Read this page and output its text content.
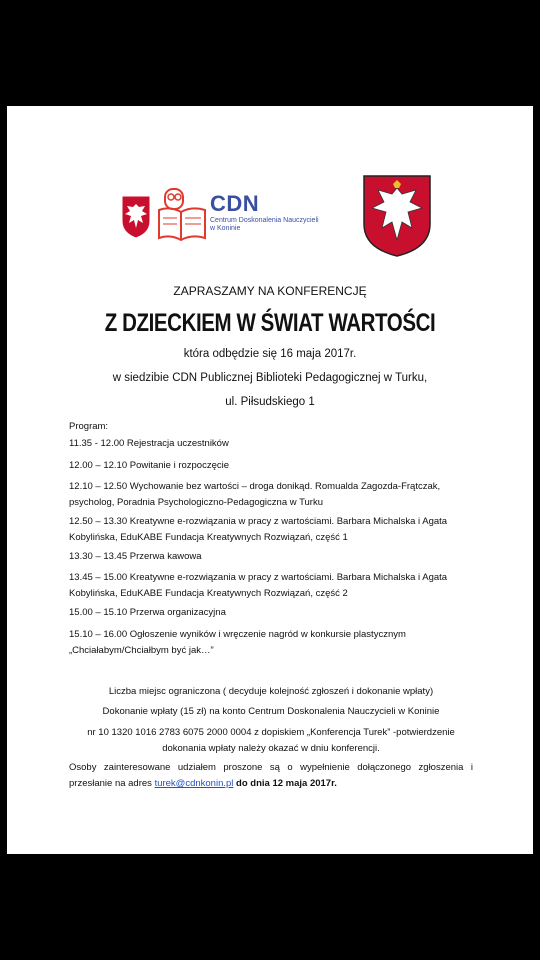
CDN
Centrum Doskonalenia Nauczycieli w Koninie
ZAPRASZAMY NA KONFERENCJĘ
Z DZIECKIEM W ŚWIAT WARTOŚCI
która odbędzie się 16 maja 2017r.
w siedzibie CDN Publicznej Biblioteki Pedagogicznej w Turku,
ul. Piłsudskiego 1
Program:
11.35 - 12.00 Rejestracja uczestników
12.00 – 12.10 Powitanie i rozpoczęcie
12.10 – 12.50 Wychowanie bez wartości – droga donikąd. Romualda Zagozda-Frątczak, psycholog, Poradnia Psychologiczno-Pedagogiczna w Turku
12.50 – 13.30 Kreatywne e-rozwiązania w pracy z wartościami. Barbara Michalska i Agata Kobylińska, EduKABE Fundacja Kreatywnych Rozwiązań, część 1
13.30 – 13.45 Przerwa kawowa
13.45 – 15.00 Kreatywne e-rozwiązania w pracy z wartościami. Barbara Michalska i Agata Kobylińska, EduKABE Fundacja Kreatywnych Rozwiązań, część 2
15.00 – 15.10 Przerwa organizacyjna
15.10 – 16.00 Ogłoszenie wyników i wręczenie nagród w konkursie plastycznym „Chciałabym/Chciałbym być jak…”
Liczba miejsc ograniczona ( decyduje kolejność zgłoszeń i dokonanie wpłaty)
Dokonanie wpłaty (15 zł) na konto Centrum Doskonalenia Nauczycieli w Koninie
nr 10 1320 1016 2783 6075 2000 0004 z dopiskiem „Konferencja Turek” -potwierdzenie dokonania wpłaty należy okazać w dniu konferencji.
Osoby zainteresowane udziałem proszone są o wypełnienie dołączonego zgłoszenia i przesłanie na adres turek@cdnkonin.pl do dnia 12 maja 2017r.
